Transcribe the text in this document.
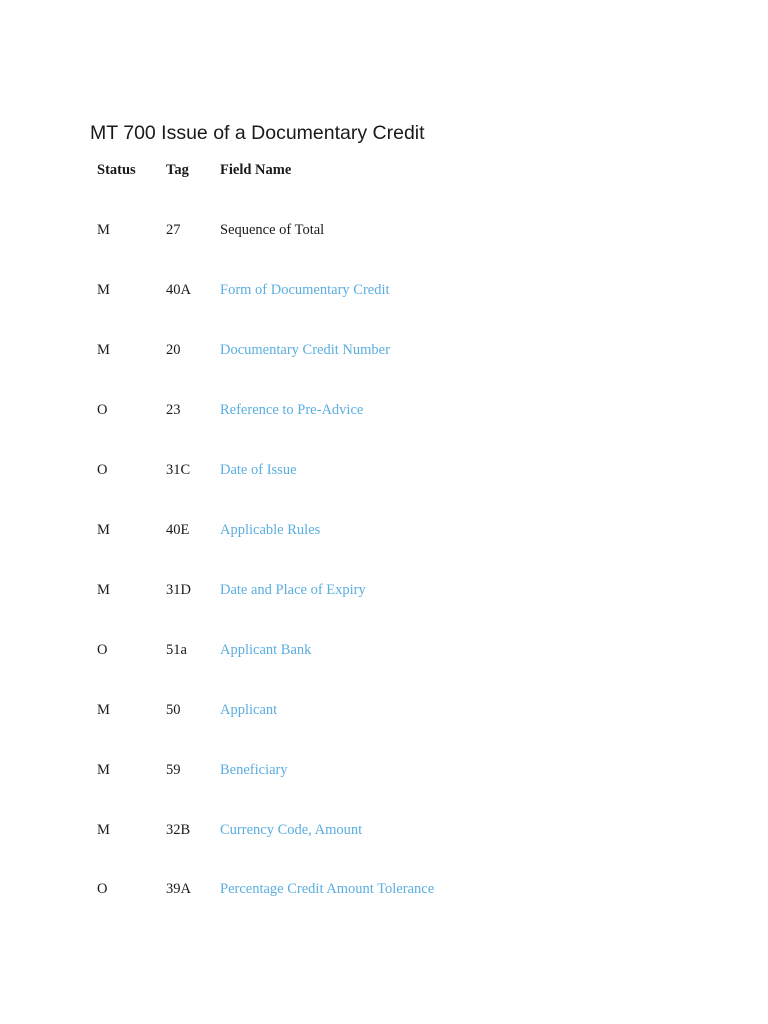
MT 700 Issue of a Documentary Credit
Status Tag Field Name
M	27	Sequence of Total
M	40A Form of Documentary Credit
M	20	Documentary Credit Number
O	23	Reference to Pre-Advice
O	31C Date of Issue
M	40E Applicable Rules
M	31D Date and Place of Expiry
O	51a Applicant Bank
M	50	Applicant
M	59	Beneficiary
M	32B Currency Code, Amount
O	39A Percentage Credit Amount Tolerance
